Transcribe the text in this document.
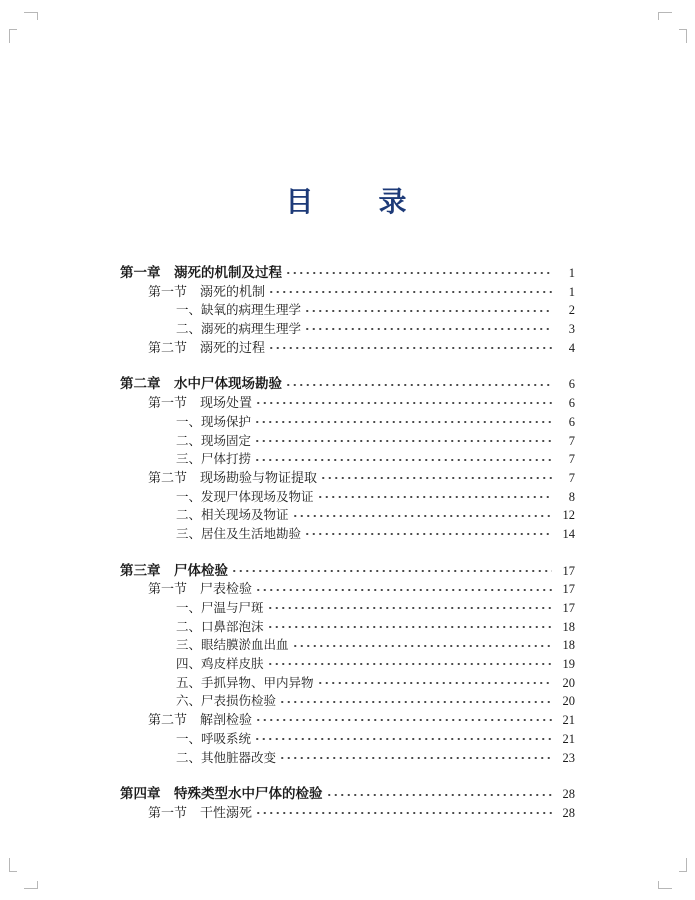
目　　录
第一章　溺死的机制及过程	1
第一节　溺死的机制	1
一、缺氧的病理生理学	2
二、溺死的病理生理学	3
第二节　溺死的过程	4
第二章　水中尸体现场勘验	6
第一节　现场处置	6
一、现场保护	6
二、现场固定	7
三、尸体打捞	7
第二节　现场勘验与物证提取	7
一、发现尸体现场及物证	8
二、相关现场及物证	12
三、居住及生活地勘验	14
第三章　尸体检验	17
第一节　尸表检验	17
一、尸温与尸斑	17
二、口鼻部泡沫	18
三、眼结膜淤血出血	18
四、鸡皮样皮肤	19
五、手抓异物、甲内异物	20
六、尸表损伤检验	20
第二节　解剖检验	21
一、呼吸系统	21
二、其他脏器改变	23
第四章　特殊类型水中尸体的检验	28
第一节　干性溺死	28
